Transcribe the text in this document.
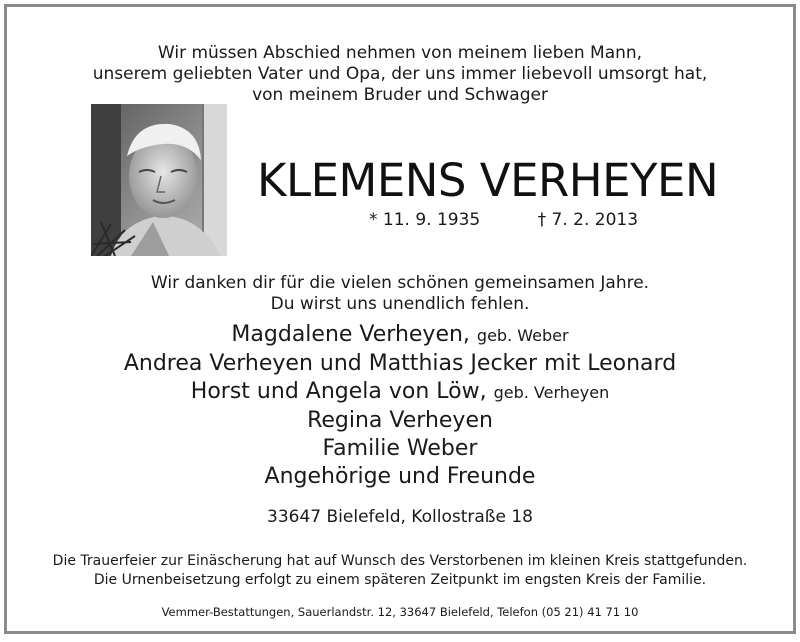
Wir müssen Abschied nehmen von meinem lieben Mann,
unserem geliebten Vater und Opa, der uns immer liebevoll umsorgt hat,
von meinem Bruder und Schwager
KLEMENS VERHEYEN
* 11. 9. 1935	† 7. 2. 2013
Wir danken dir für die vielen schönen gemeinsamen Jahre.
Du wirst uns unendlich fehlen.
Magdalene Verheyen, geb. Weber
Andrea Verheyen und Matthias Jecker mit Leonard
Horst und Angela von Löw, geb. Verheyen
Regina Verheyen
Familie Weber
Angehörige und Freunde
33647 Bielefeld, Kollostraße 18
Die Trauerfeier zur Einäscherung hat auf Wunsch des Verstorbenen im kleinen Kreis stattgefunden.
Die Urnenbeisetzung erfolgt zu einem späteren Zeitpunkt im engsten Kreis der Familie.
Vemmer-Bestattungen, Sauerlandstr. 12, 33647 Bielefeld, Telefon (05 21) 41 71 10
